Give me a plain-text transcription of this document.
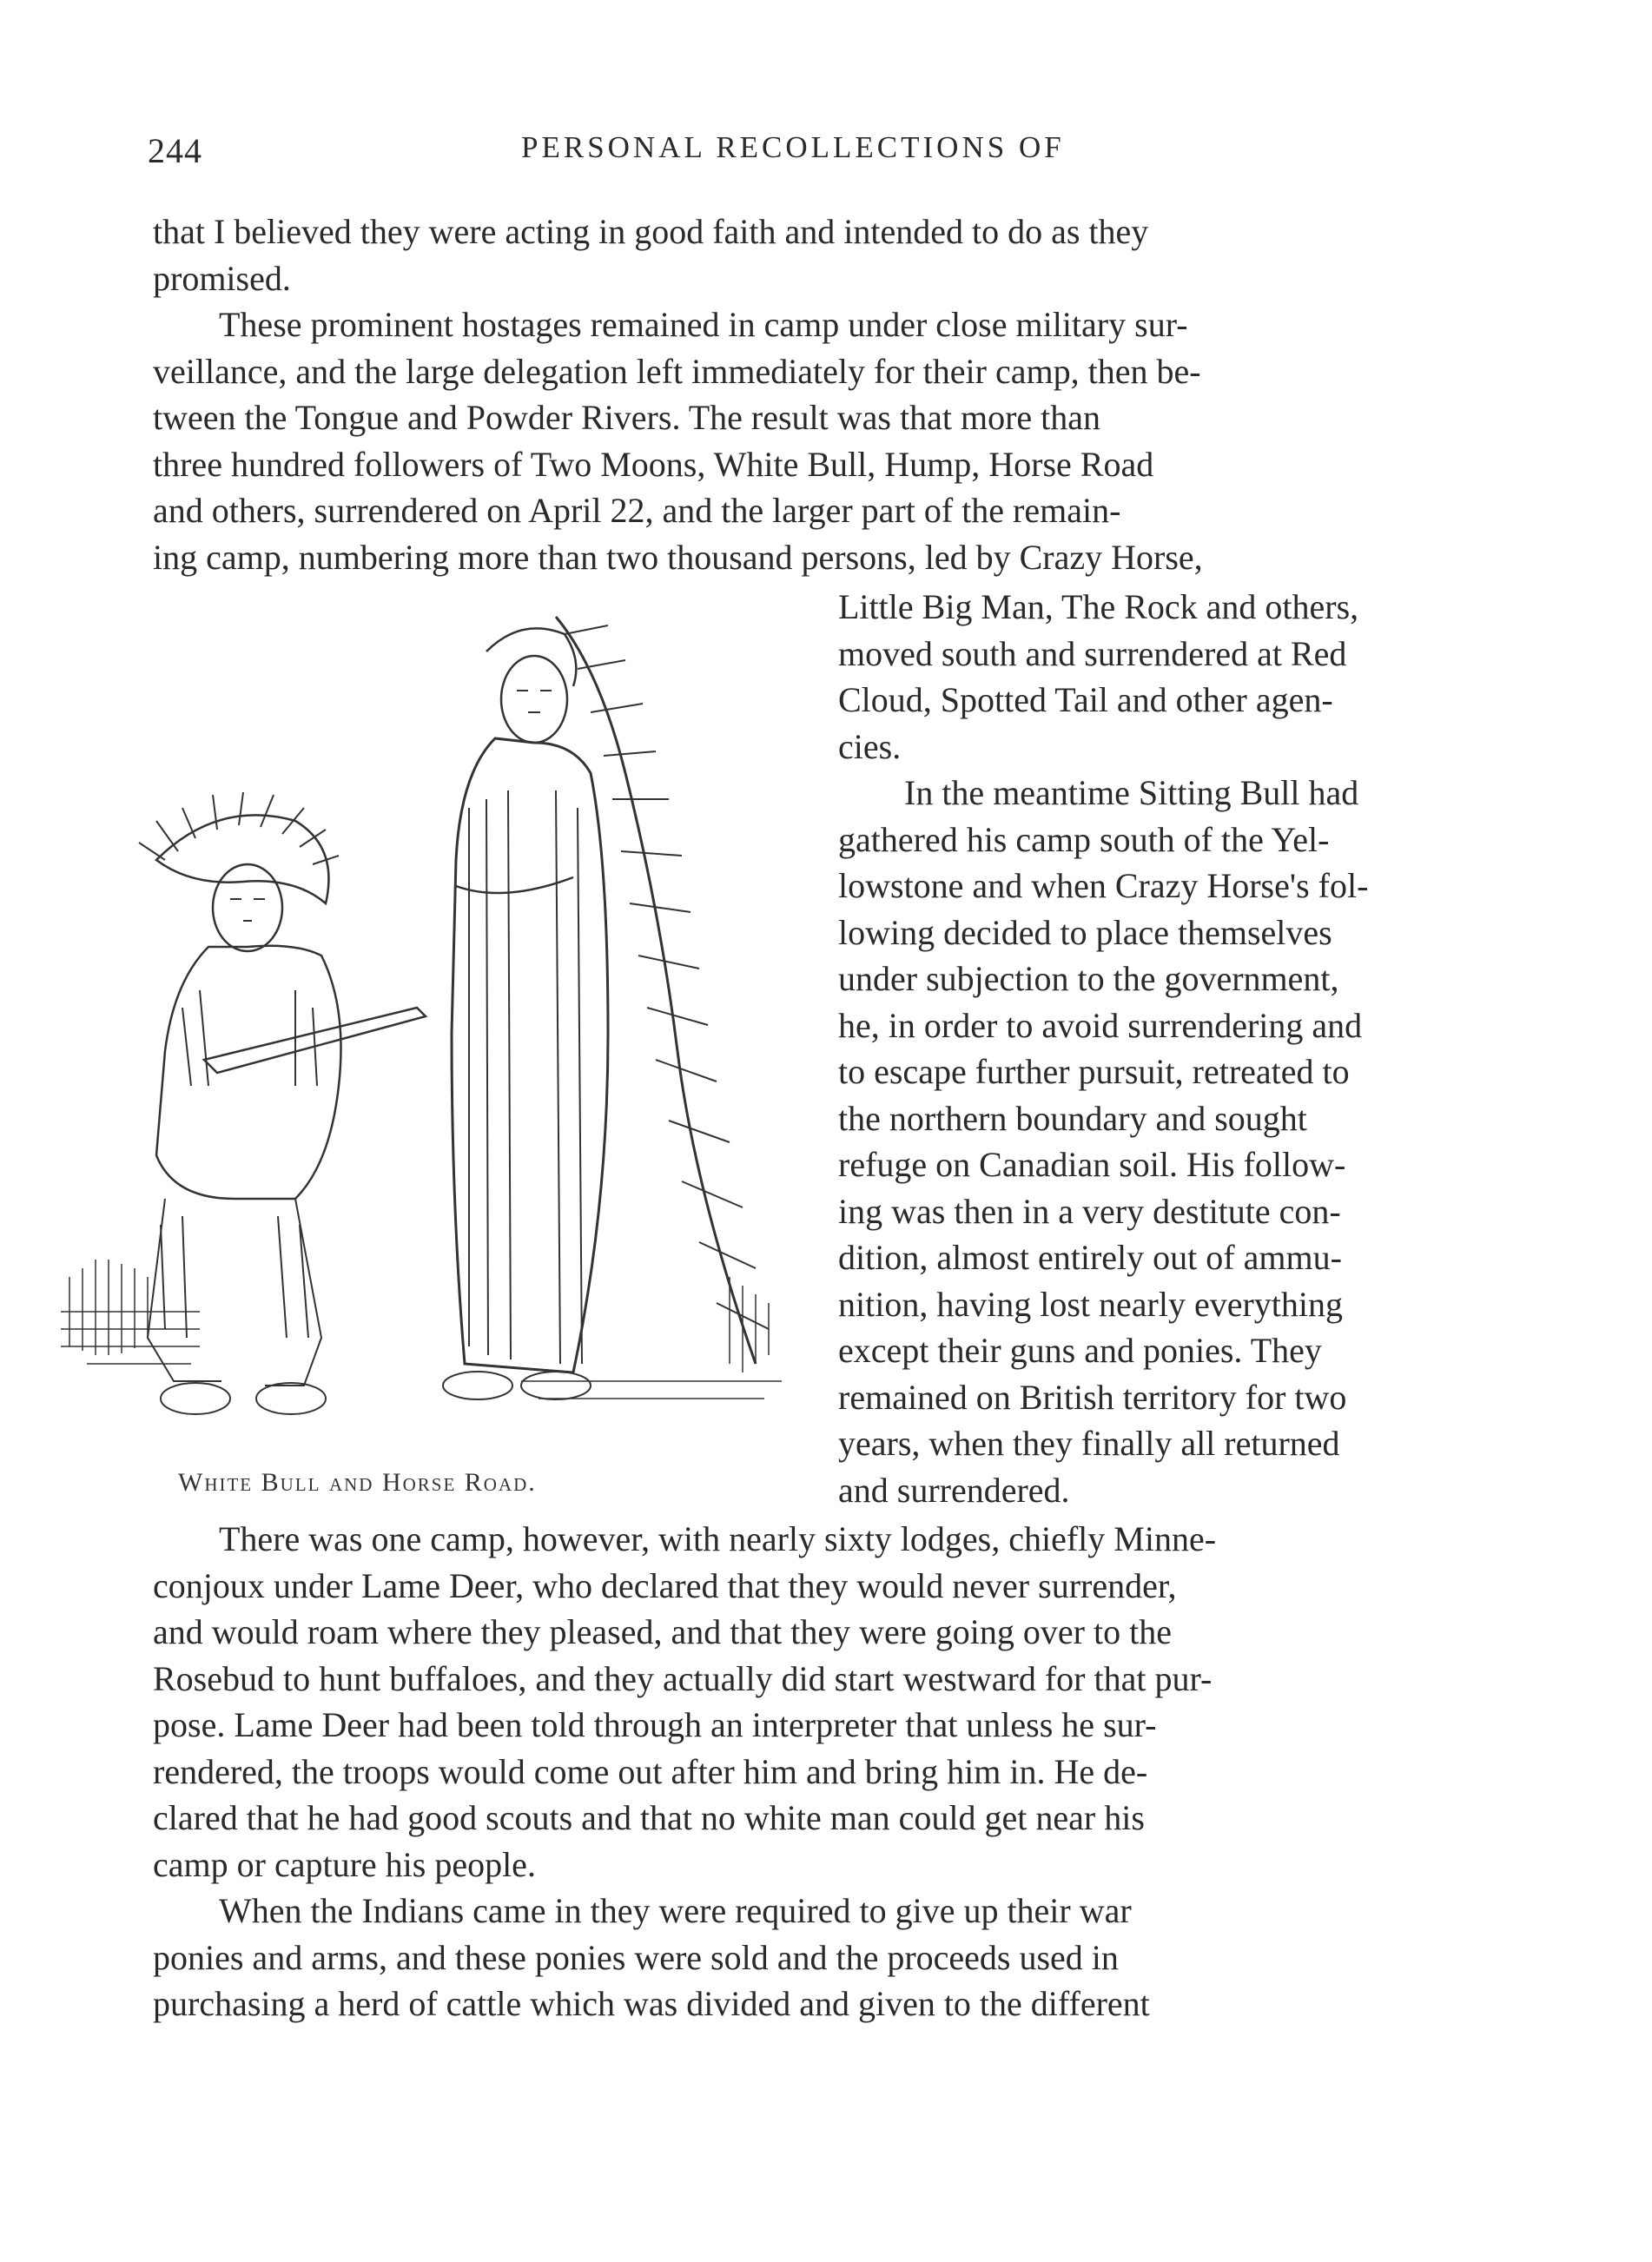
244	PERSONAL RECOLLECTIONS OF
that I believed they were acting in good faith and intended to do as they
promised.
These prominent hostages remained in camp under close military sur-
veillance, and the large delegation left immediately for their camp, then be-
tween the Tongue and Powder Rivers. The result was that more than
three hundred followers of Two Moons, White Bull, Hump, Horse Road
and others, surrendered on April 22, and the larger part of the remain-
ing camp, numbering more than two thousand persons, led by Crazy Horse,
White Bull and Horse Road.
Little Big Man, The Rock and others,
moved south and surrendered at Red
Cloud, Spotted Tail and other agen-
cies.
In the meantime Sitting Bull had
gathered his camp south of the Yel-
lowstone and when Crazy Horse's fol-
lowing decided to place themselves
under subjection to the government,
he, in order to avoid surrendering and
to escape further pursuit, retreated to
the northern boundary and sought
refuge on Canadian soil. His follow-
ing was then in a very destitute con-
dition, almost entirely out of ammu-
nition, having lost nearly everything
except their guns and ponies. They
remained on British territory for two
years, when they finally all returned
and surrendered.
There was one camp, however, with nearly sixty lodges, chiefly Minne-
conjoux under Lame Deer, who declared that they would never surrender,
and would roam where they pleased, and that they were going over to the
Rosebud to hunt buffaloes, and they actually did start westward for that pur-
pose. Lame Deer had been told through an interpreter that unless he sur-
rendered, the troops would come out after him and bring him in. He de-
clared that he had good scouts and that no white man could get near his
camp or capture his people.
When the Indians came in they were required to give up their war
ponies and arms, and these ponies were sold and the proceeds used in
purchasing a herd of cattle which was divided and given to the different
